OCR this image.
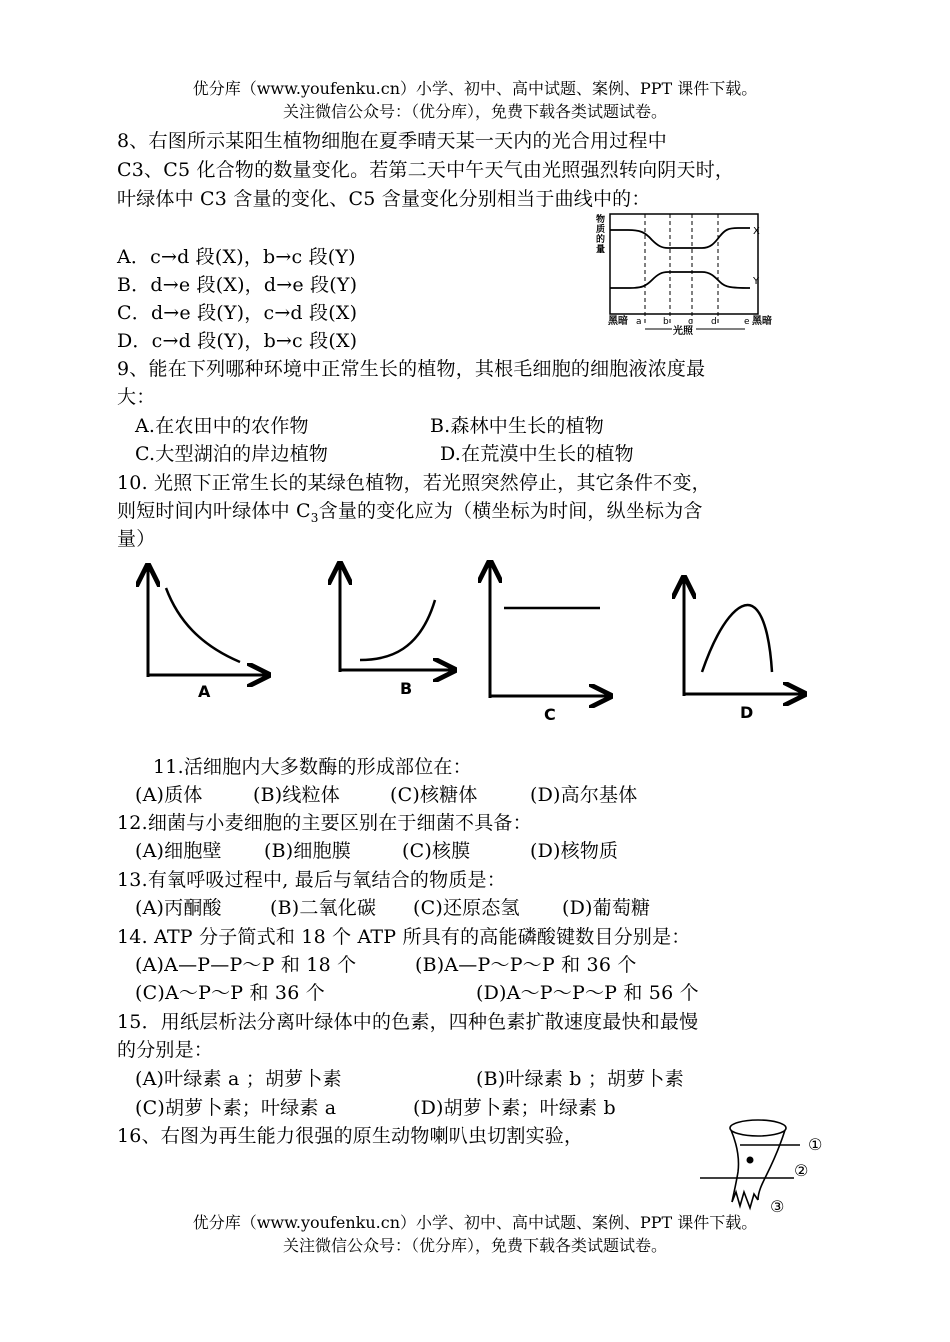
优分库（www.youfenku.cn）小学、初中、高中试题、案例、PPT 课件下载。
关注微信公众号：（优分库），免费下载各类试题试卷。
8、右图所示某阳生植物细胞在夏季晴天某一天内的光合用过程中
C3、C5 化合物的数量变化。若第二天中午天气由光照强烈转向阴天时，
叶绿体中 C3 含量的变化、C5 含量变化分别相当于曲线中的：
A．c→d 段(X)，b→c 段(Y)
B．d→e 段(X)，d→e 段(Y)
C．d→e 段(Y)，c→d 段(X)
D．c→d 段(Y)，b→c 段(X)
X
Y
物
质
的
量
黑暗 a b c d	e 黑暗
光照
9、能在下列哪种环境中正常生长的植物，其根毛细胞的细胞液浓度最
大：
A.在农田中的农作物	B.森林中生长的植物
C.大型湖泊的岸边植物	D.在荒漠中生长的植物
10. 光照下正常生长的某绿色植物，若光照突然停止，其它条件不变，
则短时间内叶绿体中 $C_3$含量的变化应为（横坐标为时间，纵坐标为含
量）
A	B
C	D
11.活细胞内大多数酶的形成部位在：
(A)质体	(B)线粒体	(C)核糖体	(D)高尔基体
12.细菌与小麦细胞的主要区别在于细菌不具备：
(A)细胞壁 (B)细胞膜	(C)核膜	(D)核物质
13.有氧呼吸过程中, 最后与氧结合的物质是：
(A)丙酮酸	(B)二氧化碳 (C)还原态氢 (D)葡萄糖
14. ATP 分子简式和 18 个 ATP 所具有的高能磷酸键数目分别是：
(A)A—P—P～P 和 18 个	(B)A—P～P～P 和 36 个
(C)A～P～P 和 36 个	(D)A～P～P～P 和 56 个
15．用纸层析法分离叶绿体中的色素，四种色素扩散速度最快和最慢
的分别是：
(A)叶绿素 a ；胡萝卜素	(B)叶绿素 b ；胡萝卜素
(C)胡萝卜素；叶绿素 a	(D)胡萝卜素；叶绿素 b
16、右图为再生能力很强的原生动物喇叭虫切割实验，	①
②
③
优分库（www.youfenku.cn）小学、初中、高中试题、案例、PPT 课件下载。
关注微信公众号：（优分库），免费下载各类试题试卷。
